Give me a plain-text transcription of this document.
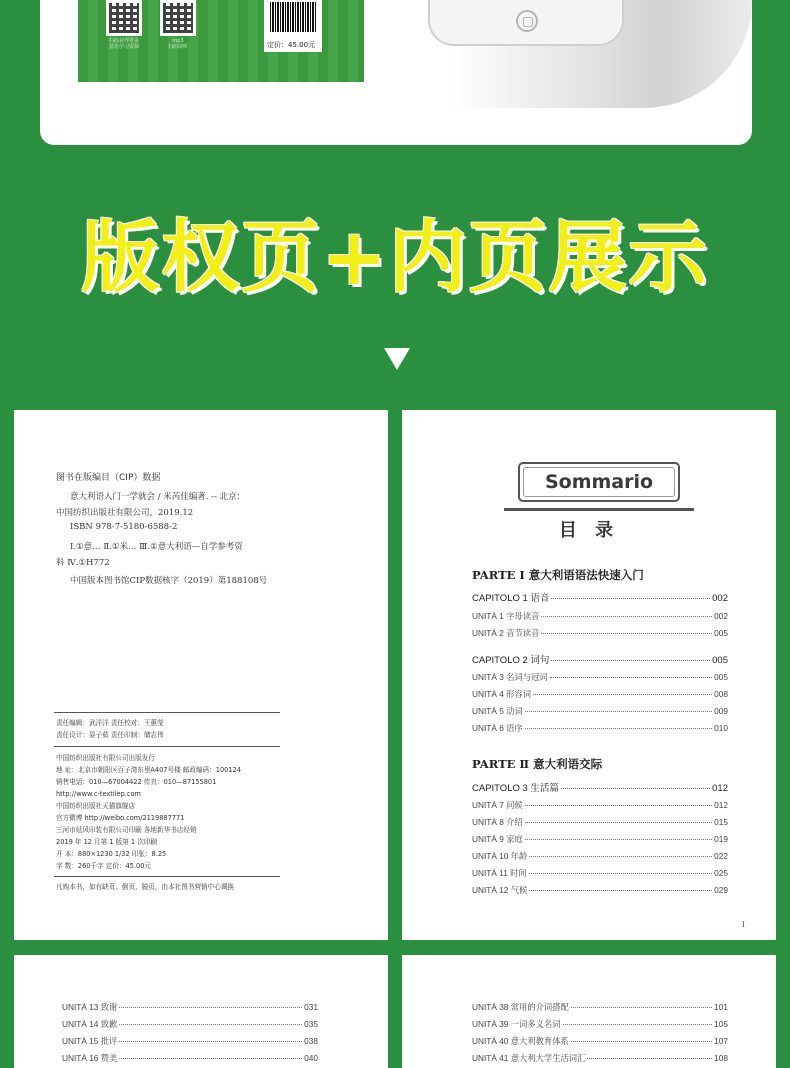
扫码获得更多
意语学习资源
mp3
扫码即听	定价：45.00元
版权页+内页展示
图书在版编目（CIP）数据
意大利语入门一学就会 / 米芮佳编著. -- 北京：
中国纺织出版社有限公司，2019.12
ISBN 978-7-5180-6588-2
Ⅰ.①意… Ⅱ.①米… Ⅲ.①意大利语—自学参考资
料 Ⅳ.①H772
中国版本图书馆CIP数据核字（2019）第188108号
责任编辑：武洋洋 责任校对：王蕙莹
责任设计：晏子茹 责任印制：储志伟
中国纺织出版社有限公司出版发行
地 址：北京市朝阳区百子湾东里A407号楼 邮政编码：100124
销售电话：010—67004422 传真：010—87155801
http://www.c-textilep.com
中国纺织出版社天猫旗舰店
官方微博 http://weibo.com/2119887771
三河市延风印装有限公司印刷 各地新华书店经销
2019 年 12 月第 1 版第 1 次印刷
开 本：880×1230 1/32 印张：8.25
字 数：260千字 定价：45.00元
凡购本书，如有缺页、倒页、脱页，由本社图书营销中心调换
Sommario
目 录
PARTE Ⅰ 意大利语语法快速入门
CAPITOLO 1 语音	002
UNITÀ 1 字母读音	002
UNITÀ 2 音节读音	005
CAPITOLO 2 词句	005
UNITÀ 3 名词与冠词	005
UNITÀ 4 形容词	008
UNITÀ 5 动词	009
UNITÀ 6 语序	010
PARTE Ⅱ 意大利语交际
CAPITOLO 3 生活篇	012
UNITÀ 7 问候	012
UNITÀ 8 介绍	015
UNITÀ 9 家庭	019
UNITÀ 10 年龄	022
UNITÀ 11 时间	025
UNITÀ 12 气候	029
I
UNITÀ 13 致谢	031
UNITÀ 14 致歉	035
UNITÀ 15 批评	038
UNITÀ 16 赞美	040
UNITÀ 38 常用的介词搭配	101
UNITÀ 39 一词多义名词	105
UNITÀ 40 意大利教育体系	107
UNITÀ 41 意大利大学生活词汇	108
